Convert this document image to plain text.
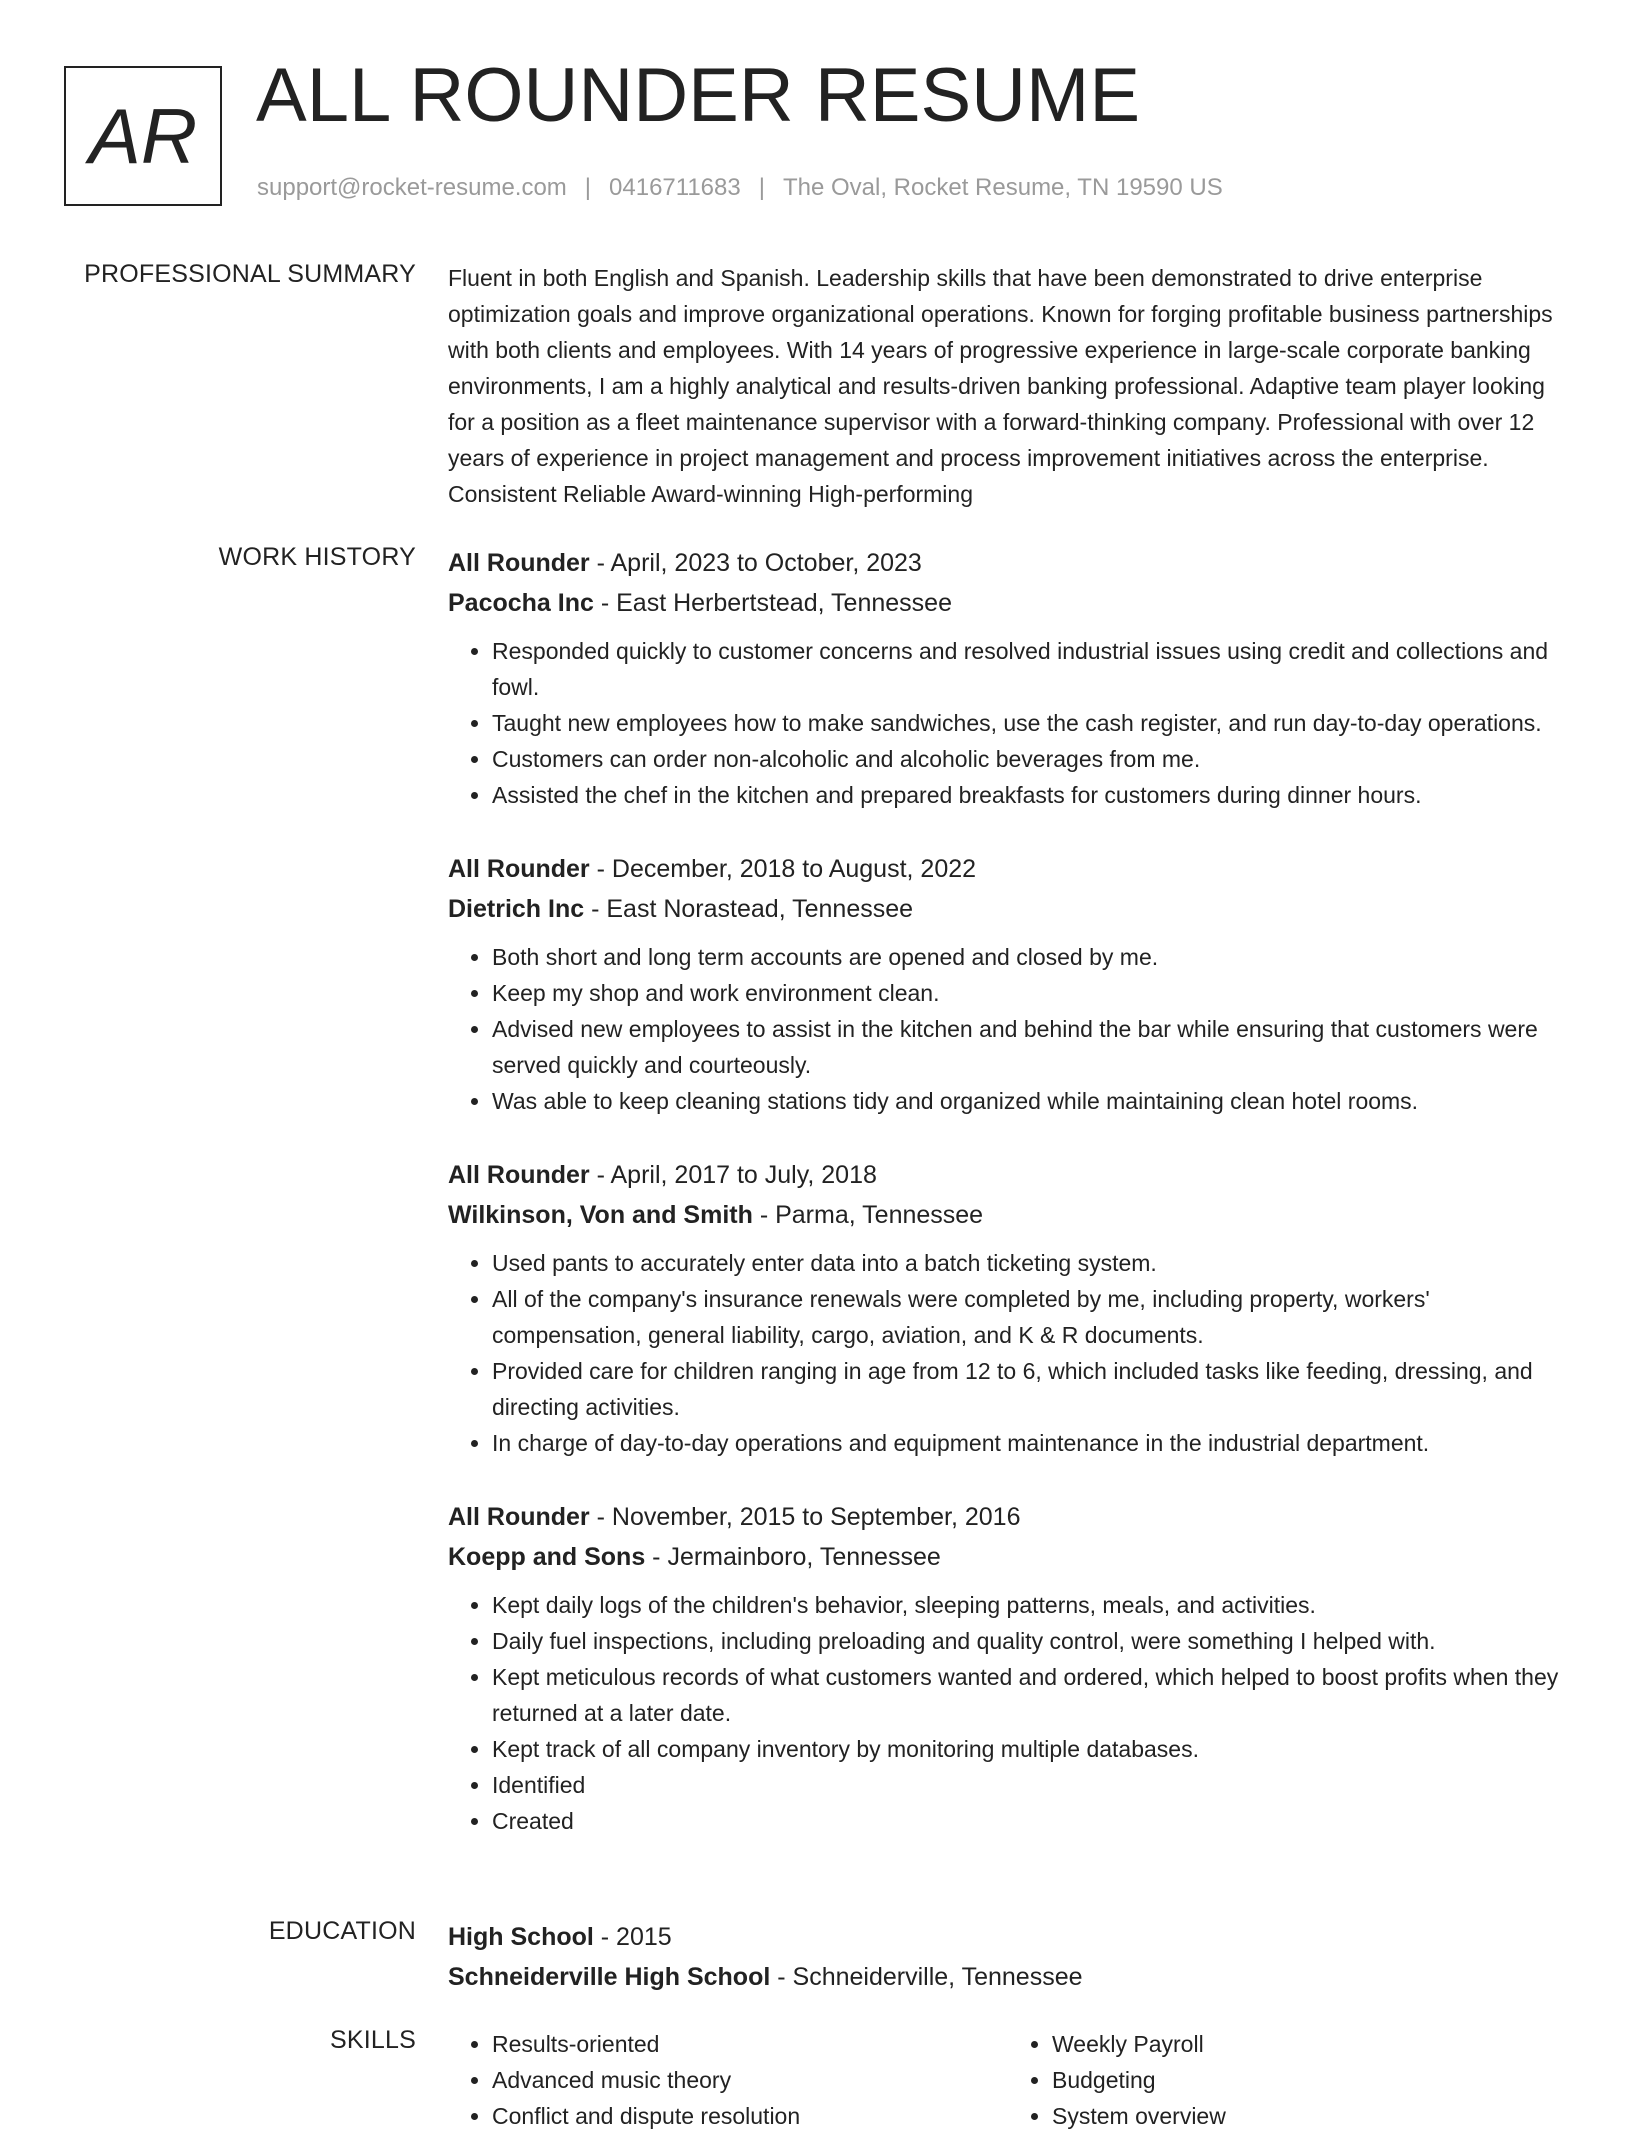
AR ALL ROUNDER RESUME
support@rocket-resume.com | 0416711683 | The Oval, Rocket Resume, TN 19590 US
PROFESSIONAL SUMMARY Fluent in both English and Spanish. Leadership skills that have been demonstrated to drive enterprise optimization goals and improve organizational operations. Known for forging profitable business partnerships with both clients and employees. With 14 years of progressive experience in large-scale corporate banking environments, I am a highly analytical and results-driven banking professional. Adaptive team player looking for a position as a fleet maintenance supervisor with a forward-thinking company. Professional with over 12 years of experience in project management and process improvement initiatives across the enterprise. Consistent Reliable Award-winning High-performing

WORK HISTORY All Rounder - April, 2023 to October, 2023
Pacocha Inc - East Herbertstead, Tennessee
• Responded quickly to customer concerns and resolved industrial issues using credit and collections and fowl.
• Taught new employees how to make sandwiches, use the cash register, and run day-to-day operations.
• Customers can order non-alcoholic and alcoholic beverages from me.
• Assisted the chef in the kitchen and prepared breakfasts for customers during dinner hours.
All Rounder - December, 2018 to August, 2022
Dietrich Inc - East Norastead, Tennessee
• Both short and long term accounts are opened and closed by me.
• Keep my shop and work environment clean.
• Advised new employees to assist in the kitchen and behind the bar while ensuring that customers were served quickly and courteously.
• Was able to keep cleaning stations tidy and organized while maintaining clean hotel rooms.
All Rounder - April, 2017 to July, 2018
Wilkinson, Von and Smith - Parma, Tennessee
• Used pants to accurately enter data into a batch ticketing system.
• All of the company's insurance renewals were completed by me, including property, workers' compensation, general liability, cargo, aviation, and K & R documents.
• Provided care for children ranging in age from 12 to 6, which included tasks like feeding, dressing, and directing activities.
• In charge of day-to-day operations and equipment maintenance in the industrial department.
All Rounder - November, 2015 to September, 2016
Koepp and Sons - Jermainboro, Tennessee
• Kept daily logs of the children's behavior, sleeping patterns, meals, and activities.
• Daily fuel inspections, including preloading and quality control, were something I helped with.
• Kept meticulous records of what customers wanted and ordered, which helped to boost profits when they returned at a later date.
• Kept track of all company inventory by monitoring multiple databases.
• Identified
• Created
EDUCATION High School - 2015
Schneiderville High School - Schneiderville, Tennessee
SKILLS
•	Results-oriented
• Advanced music theory
• Conflict and dispute resolution
• Weekly Payroll
• Budgeting
• System overview
